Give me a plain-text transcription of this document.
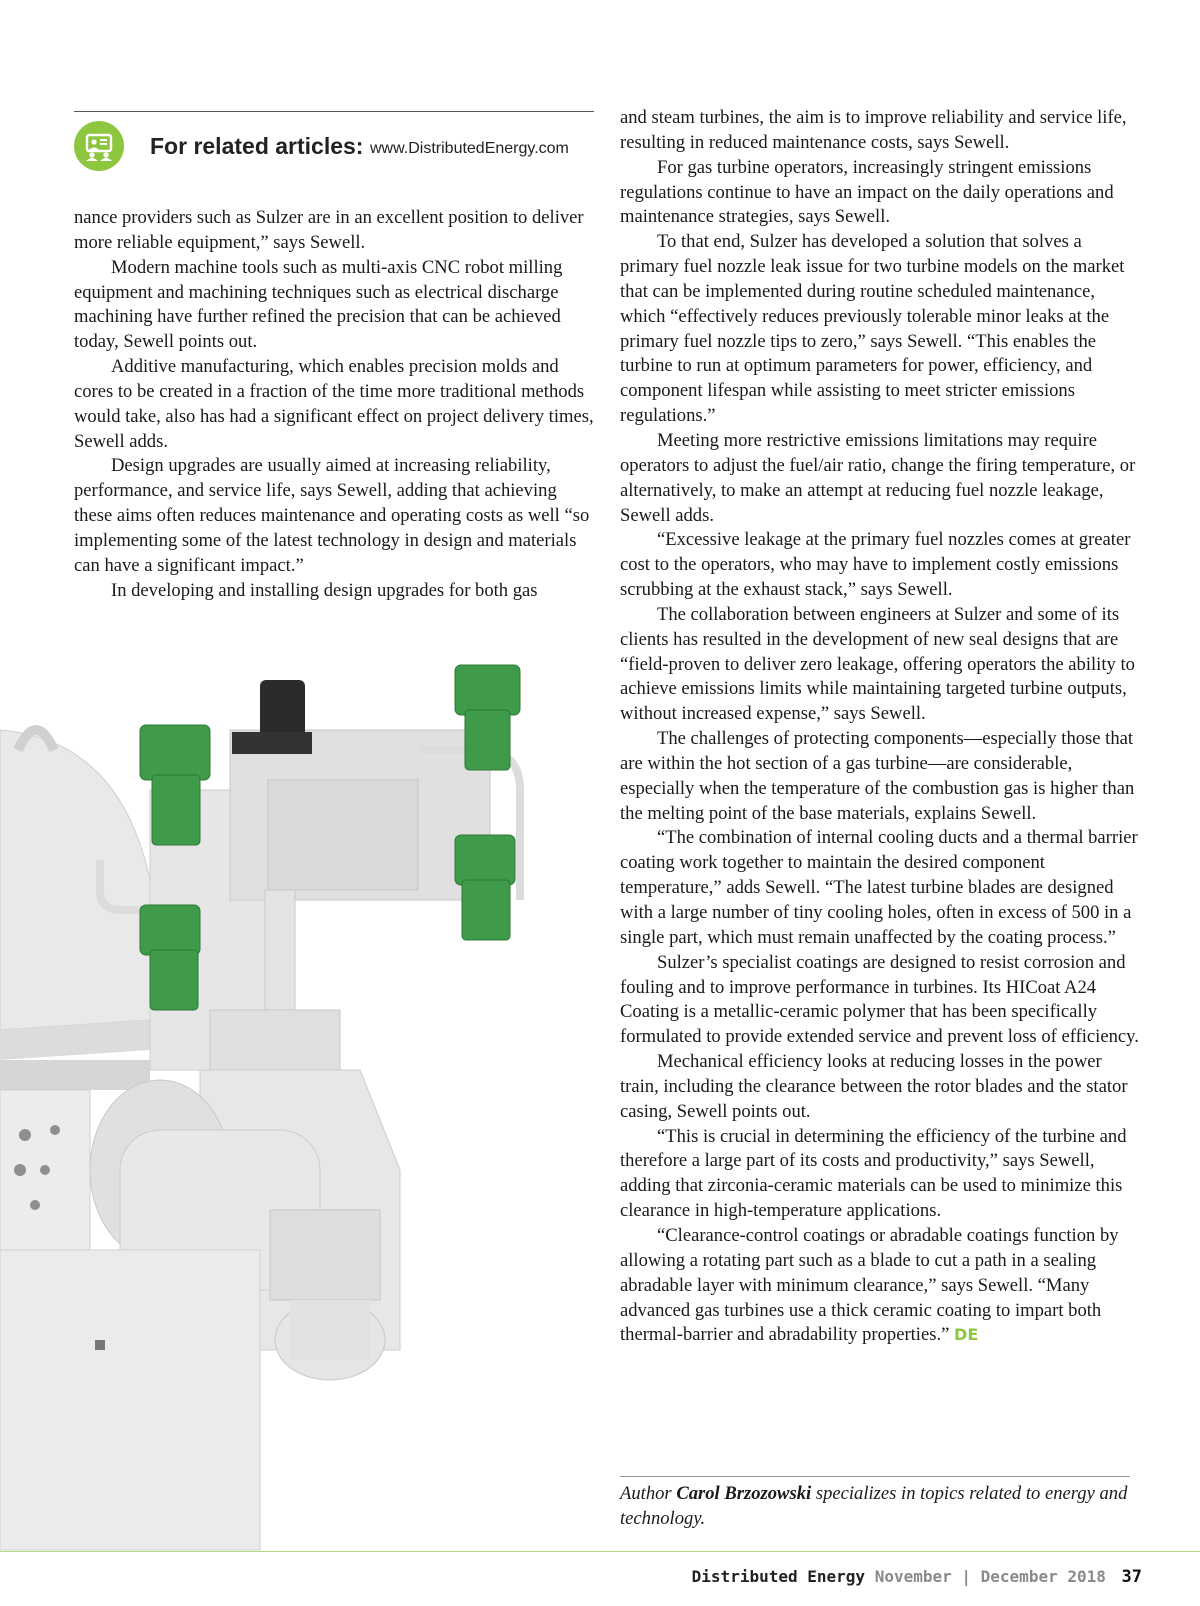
For related articles: www.DistributedEnergy.com

nance providers such as Sulzer are in an excellent position to deliver more reliable equipment,” says Sewell.

Modern machine tools such as multi-axis CNC robot milling equipment and machining techniques such as electrical discharge machining have further refined the precision that can be achieved today, Sewell points out.

Additive manufacturing, which enables precision molds and cores to be created in a fraction of the time more traditional methods would take, also has had a significant effect on project delivery times, Sewell adds.

Design upgrades are usually aimed at increasing reliability, performance, and service life, says Sewell, adding that achieving these aims often reduces maintenance and operating costs as well “so implementing some of the latest technology in design and materials can have a significant impact.”

In developing and installing design upgrades for both gas

and steam turbines, the aim is to improve reliability and service life, resulting in reduced maintenance costs, says Sewell.

For gas turbine operators, increasingly stringent emissions regulations continue to have an impact on the daily operations and maintenance strategies, says Sewell.

To that end, Sulzer has developed a solution that solves a primary fuel nozzle leak issue for two turbine models on the market that can be implemented during routine scheduled maintenance, which “effectively reduces previously tolerable minor leaks at the primary fuel nozzle tips to zero,” says Sewell. “This enables the turbine to run at optimum parameters for power, efficiency, and component lifespan while assisting to meet stricter emissions regulations.”

Meeting more restrictive emissions limitations may require operators to adjust the fuel/air ratio, change the firing temperature, or alternatively, to make an attempt at reducing fuel nozzle leakage, Sewell adds.

“Excessive leakage at the primary fuel nozzles comes at greater cost to the operators, who may have to implement costly emissions scrubbing at the exhaust stack,” says Sewell.

The collaboration between engineers at Sulzer and some of its clients has resulted in the development of new seal designs that are “field-proven to deliver zero leakage, offering operators the ability to achieve emissions limits while maintaining targeted turbine outputs, without increased expense,” says Sewell.

The challenges of protecting components—especially those that are within the hot section of a gas turbine—are considerable, especially when the temperature of the combustion gas is higher than the melting point of the base materials, explains Sewell.

“The combination of internal cooling ducts and a thermal barrier coating work together to maintain the desired component temperature,” adds Sewell. “The latest turbine blades are designed with a large number of tiny cooling holes, often in excess of 500 in a single part, which must remain unaffected by the coating process.”

Sulzer’s specialist coatings are designed to resist corrosion and fouling and to improve performance in turbines. Its HICoat A24 Coating is a metallic-ceramic polymer that has been specifically formulated to provide extended service and prevent loss of efficiency.

Mechanical efficiency looks at reducing losses in the power train, including the clearance between the rotor blades and the stator casing, Sewell points out.

“This is crucial in determining the efficiency of the turbine and therefore a large part of its costs and productivity,” says Sewell, adding that zirconia-ceramic materials can be used to minimize this clearance in high-temperature applications.

“Clearance-control coatings or abradable coatings function by allowing a rotating part such as a blade to cut a path in a sealing abradable layer with minimum clearance,” says Sewell. “Many advanced gas turbines use a thick ceramic coating to impart both thermal-barrier and abradability properties.” DE

Author Carol Brzozowski specializes in topics related to energy and technology.
Distributed Energy November | December 2018 37
